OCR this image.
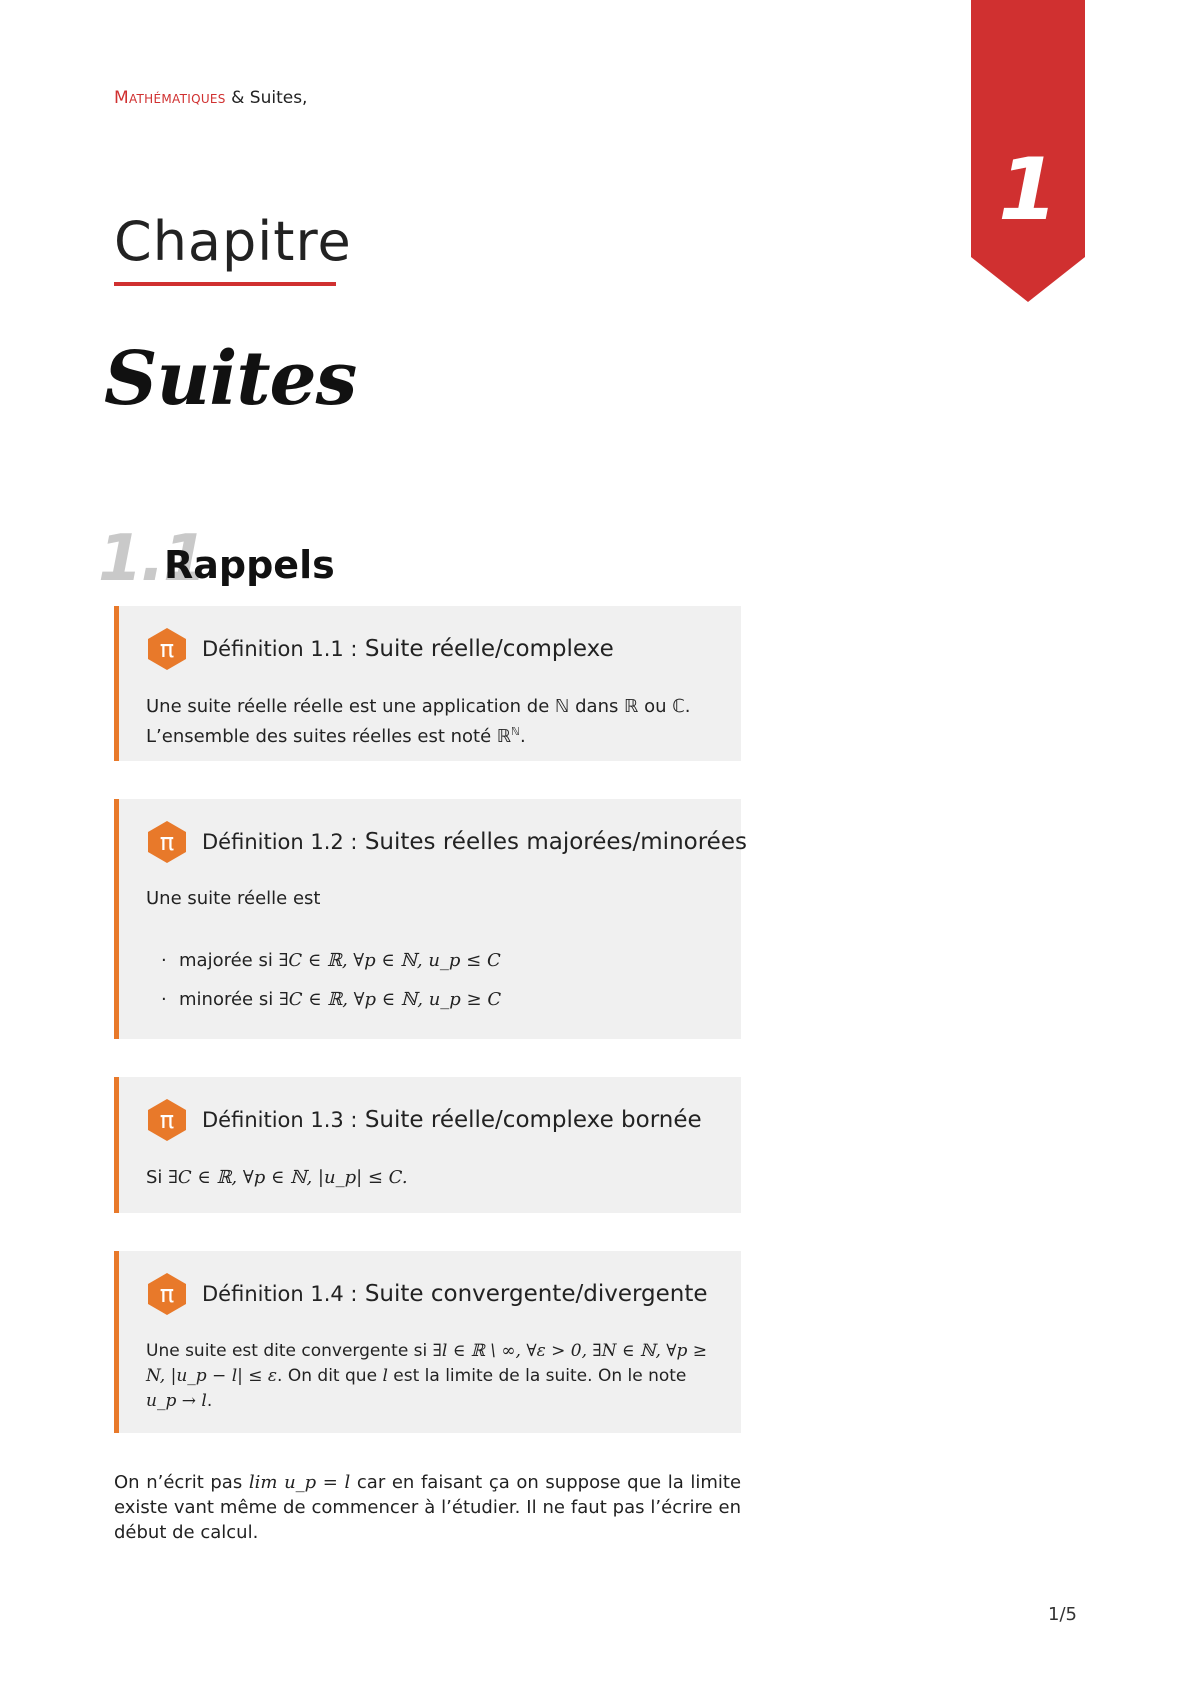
Mathématiques & Suites,
1
Chapitre
Suites
1.1
Rappels
π Définition 1.1 : Suite réelle/complexe
Une suite réelle réelle est une application de ℕ dans ℝ ou ℂ.
L’ensemble des suites réelles est noté ℝ$^ℕ$.
π Définition 1.2 : Suites réelles majorées/minorées
Une suite réelle est
· majorée si ∃C ∈ ℝ, ∀p ∈ ℕ, u_p ≤ C
· minorée si ∃C ∈ ℝ, ∀p ∈ ℕ, u_p ≥ C
π Définition 1.3 : Suite réelle/complexe bornée
Si ∃C ∈ ℝ, ∀p ∈ ℕ, |u_p| ≤ C.
π Définition 1.4 : Suite convergente/divergente
Une suite est dite convergente si ∃l ∈ ℝ \ ∞, ∀ε > 0, ∃N ∈ ℕ, ∀p ≥
N, |u_p − l| ≤ ε. On dit que l est la limite de la suite. On le note
u_p → l.
On n’écrit pas lim u_p = l car en faisant ça on suppose que la limite existe vant même de commencer à l’étudier. Il ne faut pas l’écrire en début de calcul.
1/5
